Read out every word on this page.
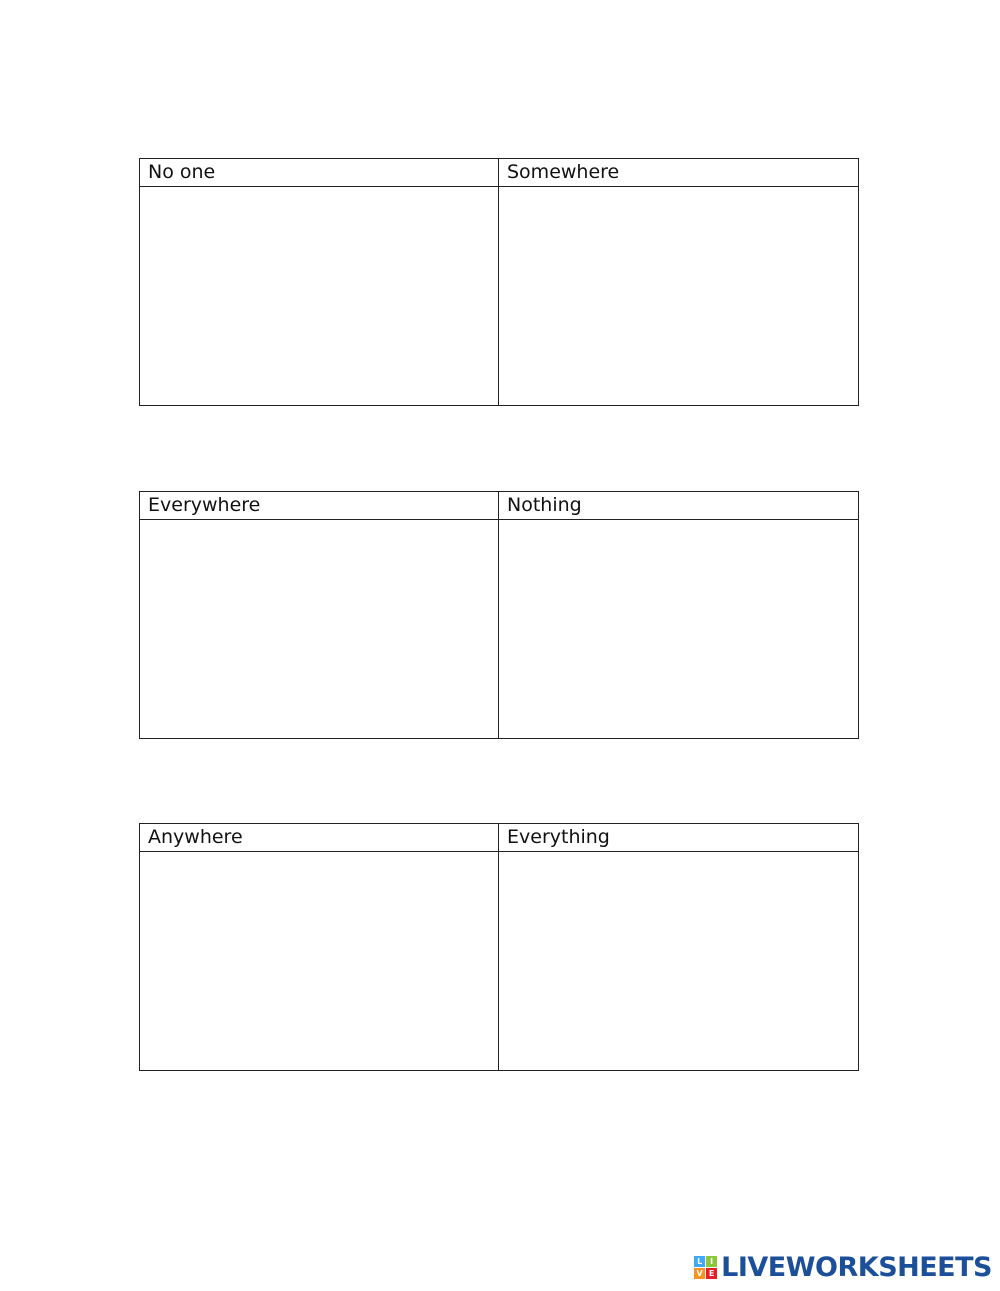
No one	Somewhere
Everywhere	Nothing
Anywhere	Everything
L I
V E LIVEWORKSHEETS
